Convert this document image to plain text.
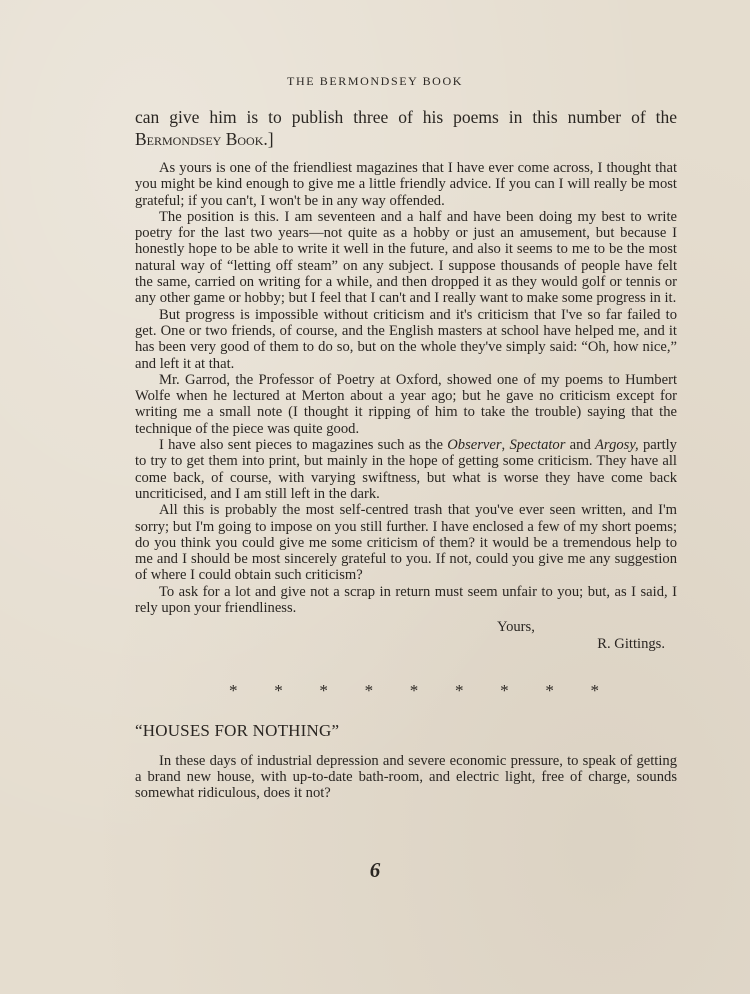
THE BERMONDSEY BOOK
can give him is to publish three of his poems in this number of the Bermondsey Book.]

As yours is one of the friendliest magazines that I have ever come across, I thought that you might be kind enough to give me a little friendly advice. If you can I will really be most grateful; if you can't, I won't be in any way offended.

The position is this. I am seventeen and a half and have been doing my best to write poetry for the last two years—not quite as a hobby or just an amusement, but because I honestly hope to be able to write it well in the future, and also it seems to me to be the most natural way of “letting off steam” on any subject. I suppose thousands of people have felt the same, carried on writing for a while, and then dropped it as they would golf or tennis or any other game or hobby; but I feel that I can't and I really want to make some progress in it.

But progress is impossible without criticism and it's criticism that I've so far failed to get. One or two friends, of course, and the English masters at school have helped me, and it has been very good of them to do so, but on the whole they've simply said: “Oh, how nice,” and left it at that.

Mr. Garrod, the Professor of Poetry at Oxford, showed one of my poems to Humbert Wolfe when he lectured at Merton about a year ago; but he gave no criticism except for writing me a small note (I thought it ripping of him to take the trouble) saying that the technique of the piece was quite good.

I have also sent pieces to magazines such as the Observer, Spectator and Argosy, partly to try to get them into print, but mainly in the hope of getting some criticism. They have all come back, of course, with varying swiftness, but what is worse they have come back uncriticised, and I am still left in the dark.

All this is probably the most self-centred trash that you've ever seen written, and I'm sorry; but I'm going to impose on you still further. I have enclosed a few of my short poems; do you think you could give me some criticism of them? it would be a tremendous help to me and I should be most sincerely grateful to you. If not, could you give me any suggestion of where I could obtain such criticism?

To ask for a lot and give not a scrap in return must seem unfair to you; but, as I said, I rely upon your friendliness.

Yours,
R. Gittings.
* * * * * * * * *
“HOUSES FOR NOTHING”

In these days of industrial depression and severe economic pressure, to speak of getting a brand new house, with up-to-date bath-room, and electric light, free of charge, sounds somewhat ridiculous, does it not?

6
